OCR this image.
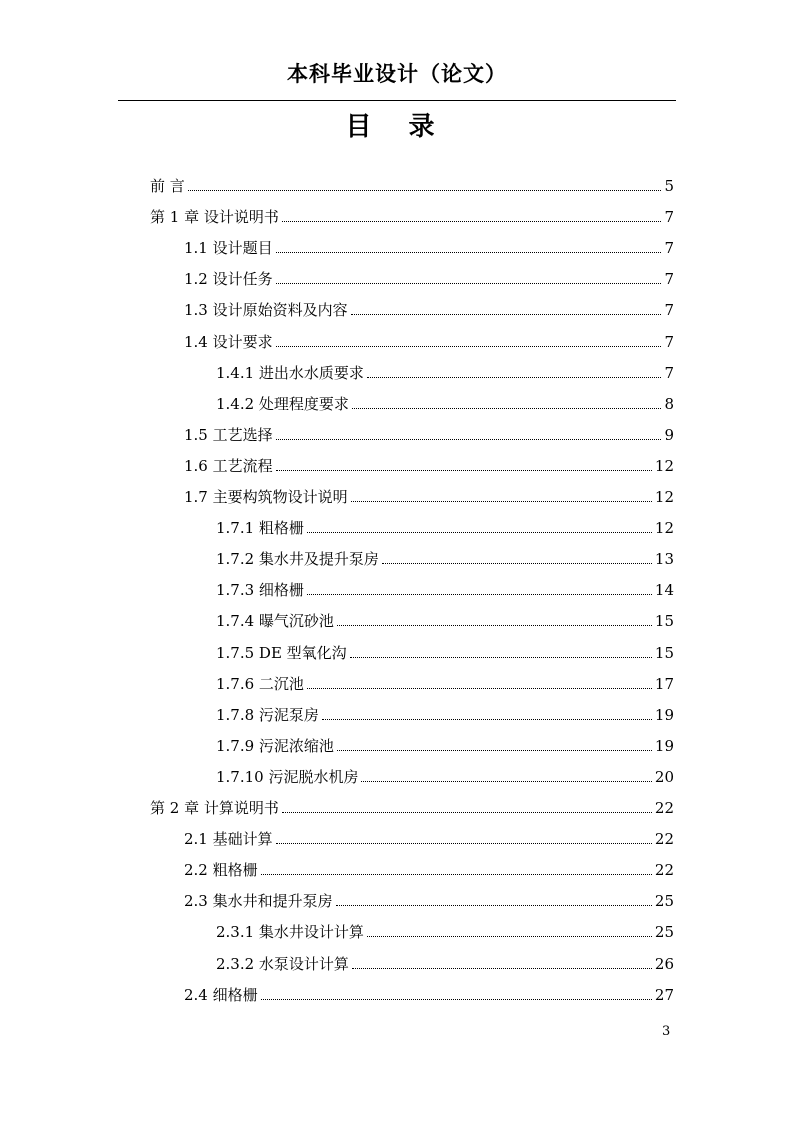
本科毕业设计（论文）
目 录
前 言	5
第 1 章 设计说明书	7
1.1 设计题目	7
1.2 设计任务	7
1.3 设计原始资料及内容	7
1.4 设计要求	7
1.4.1 进出水水质要求	7
1.4.2 处理程度要求	8
1.5 工艺选择	9
1.6 工艺流程	12
1.7 主要构筑物设计说明	12
1.7.1 粗格栅	12
1.7.2 集水井及提升泵房	13
1.7.3 细格栅	14
1.7.4 曝气沉砂池	15
1.7.5 DE 型氧化沟	15
1.7.6 二沉池	17
1.7.8 污泥泵房	19
1.7.9 污泥浓缩池	19
1.7.10 污泥脱水机房	20
第 2 章 计算说明书	22
2.1 基础计算	22
2.2 粗格栅	22
2.3 集水井和提升泵房	25
2.3.1 集水井设计计算	25
2.3.2 水泵设计计算	26
2.4 细格栅	27
3
